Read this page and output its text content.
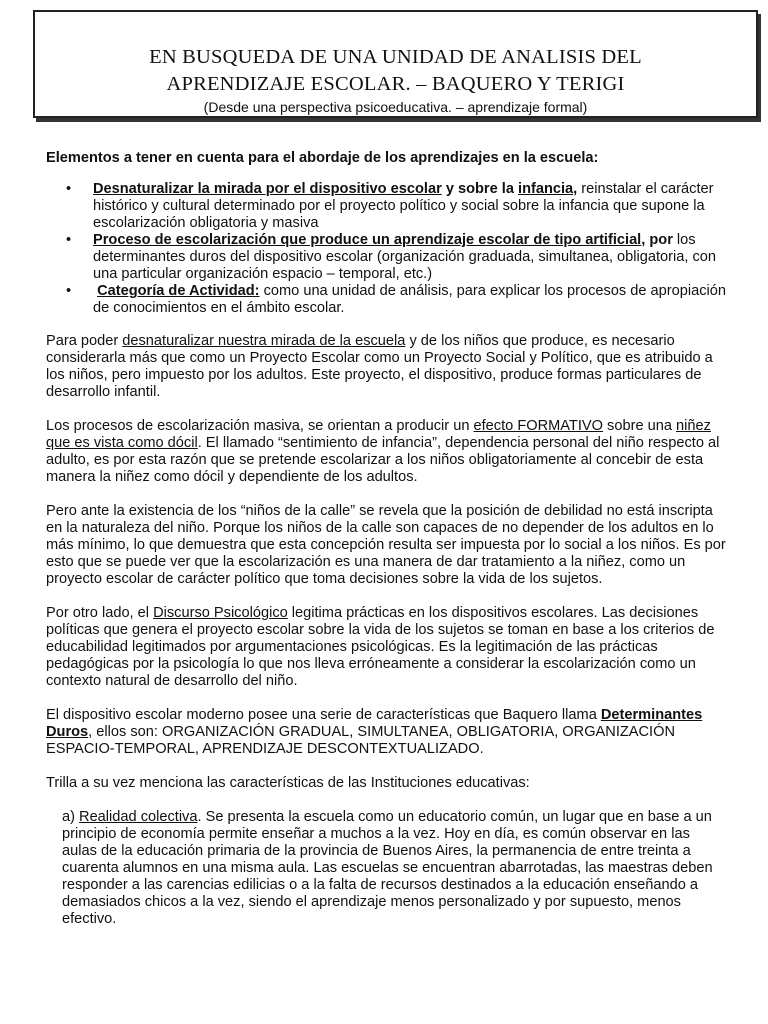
EN BUSQUEDA DE UNA UNIDAD DE ANALISIS DEL
APRENDIZAJE ESCOLAR. – BAQUERO Y TERIGI
(Desde una perspectiva psicoeducativa. – aprendizaje formal)
Elementos a tener en cuenta para el abordaje de los aprendizajes en la escuela:
• Desnaturalizar la mirada por el dispositivo escolar y sobre la infancia, reinstalar el carácter histórico y cultural determinado por el proyecto político y social sobre la infancia que supone la escolarización obligatoria y masiva
• Proceso de escolarización que produce un aprendizaje escolar de tipo artificial, por los determinantes duros del dispositivo escolar (organización graduada, simultanea, obligatoria, con una particular organización espacio – temporal, etc.)
• Categoría de Actividad: como una unidad de análisis, para explicar los procesos de apropiación de conocimientos en el ámbito escolar.

Para poder desnaturalizar nuestra mirada de la escuela y de los niños que produce, es necesario considerarla más que como un Proyecto Escolar como un Proyecto Social y Político, que es atribuido a los niños, pero impuesto por los adultos. Este proyecto, el dispositivo, produce formas particulares de desarrollo infantil.

Los procesos de escolarización masiva, se orientan a producir un efecto FORMATIVO sobre una niñez que es vista como dócil. El llamado “sentimiento de infancia”, dependencia personal del niño respecto al adulto, es por esta razón que se pretende escolarizar a los niños obligatoriamente al concebir de esta manera la niñez como dócil y dependiente de los adultos.

Pero ante la existencia de los “niños de la calle” se revela que la posición de debilidad no está inscripta en la naturaleza del niño. Porque los niños de la calle son capaces de no depender de los adultos en lo más mínimo, lo que demuestra que esta concepción resulta ser impuesta por lo social a los niños. Es por esto que se puede ver que la escolarización es una manera de dar tratamiento a la niñez, como un proyecto escolar de carácter político que toma decisiones sobre la vida de los sujetos.

Por otro lado, el Discurso Psicológico legitima prácticas en los dispositivos escolares. Las decisiones políticas que genera el proyecto escolar sobre la vida de los sujetos se toman en base a los criterios de educabilidad legitimados por argumentaciones psicológicas. Es la legitimación de las prácticas pedagógicas por la psicología lo que nos lleva erróneamente a considerar la escolarización como un contexto natural de desarrollo del niño.

El dispositivo escolar moderno posee una serie de características que Baquero llama Determinantes Duros, ellos son: ORGANIZACIÓN GRADUAL, SIMULTANEA, OBLIGATORIA, ORGANIZACIÓN ESPACIO-TEMPORAL, APRENDIZAJE DESCONTEXTUALIZADO.

Trilla a su vez menciona las características de las Instituciones educativas:

a) Realidad colectiva. Se presenta la escuela como un educatorio común, un lugar que en base a un principio de economía permite enseñar a muchos a la vez. Hoy en día, es común observar en las aulas de la educación primaria de la provincia de Buenos Aires, la permanencia de entre treinta a cuarenta alumnos en una misma aula. Las escuelas se encuentran abarrotadas, las maestras deben responder a las carencias edilicias o a la falta de recursos destinados a la educación enseñando a demasiados chicos a la vez, siendo el aprendizaje menos personalizado y por supuesto, menos efectivo.
